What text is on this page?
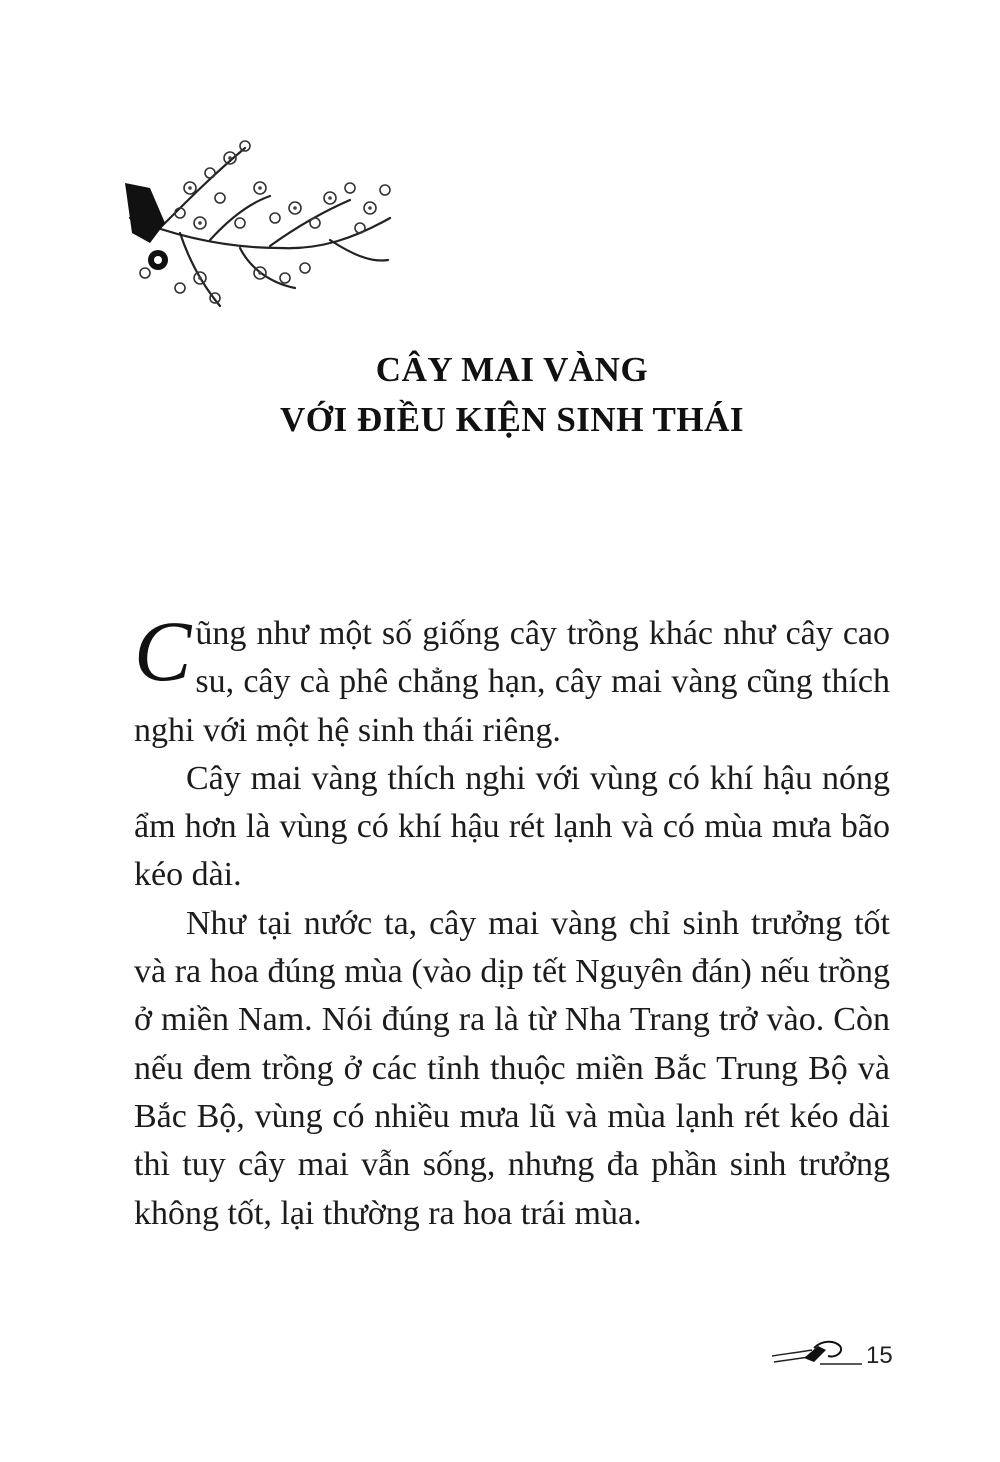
CÂY MAI VÀNG
VỚI ĐIỀU KIỆN SINH THÁI

Cũng như một số giống cây trồng khác như cây cao su, cây cà phê chẳng hạn, cây mai vàng cũng thích nghi với một hệ sinh thái riêng.

Cây mai vàng thích nghi với vùng có khí hậu nóng ẩm hơn là vùng có khí hậu rét lạnh và có mùa mưa bão kéo dài.

Như tại nước ta, cây mai vàng chỉ sinh trưởng tốt và ra hoa đúng mùa (vào dịp tết Nguyên đán) nếu trồng ở miền Nam. Nói đúng ra là từ Nha Trang trở vào. Còn nếu đem trồng ở các tỉnh thuộc miền Bắc Trung Bộ và Bắc Bộ, vùng có nhiều mưa lũ và mùa lạnh rét kéo dài thì tuy cây mai vẫn sống, nhưng đa phần sinh trưởng không tốt, lại thường ra hoa trái mùa.

15
